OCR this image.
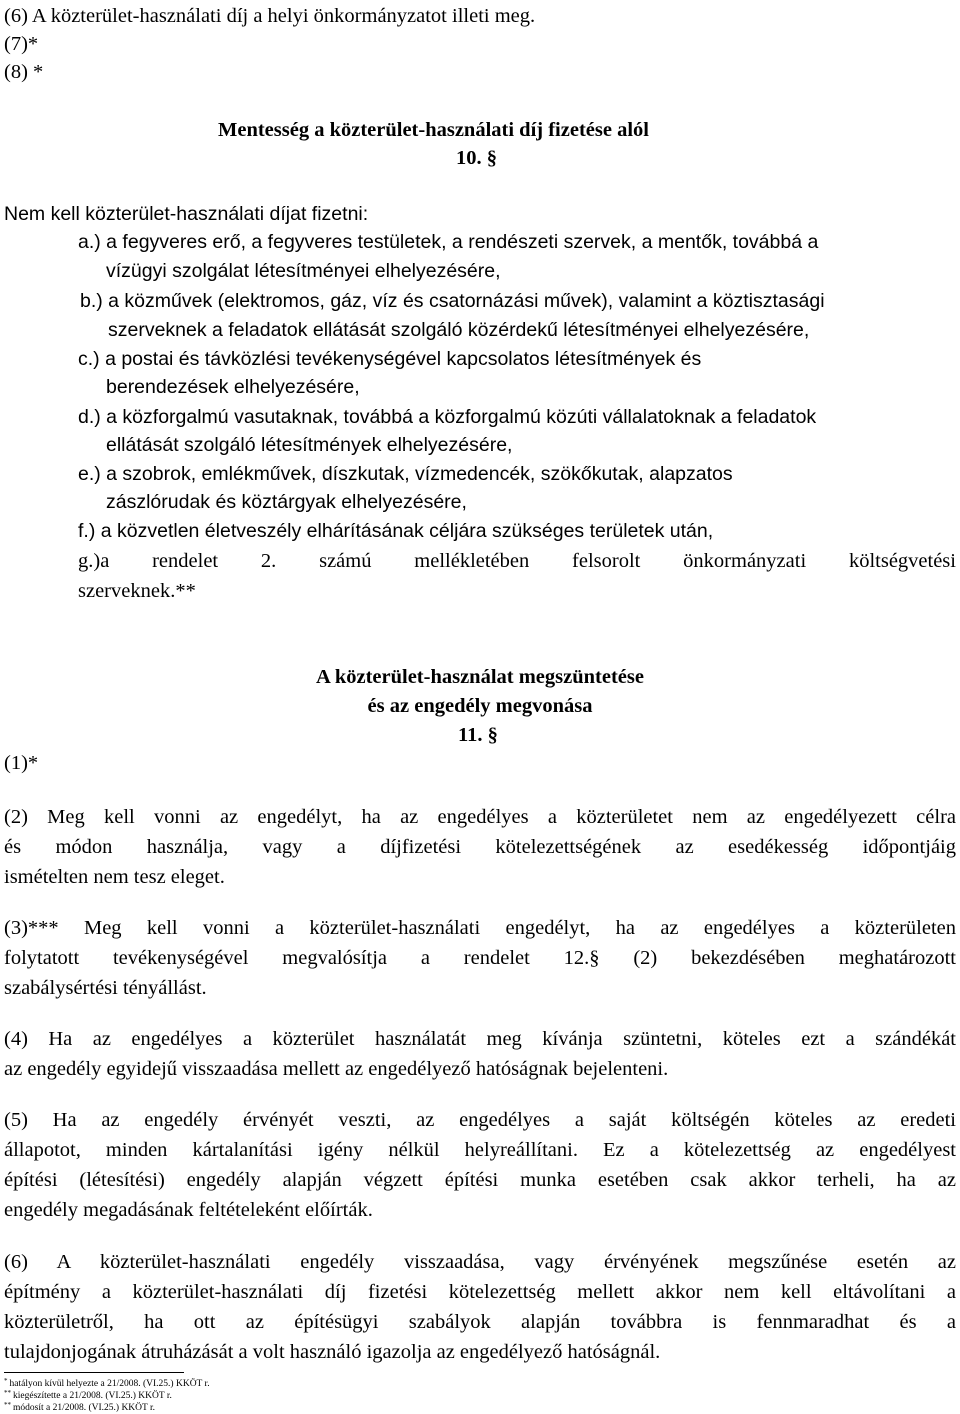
(6) A közterület-használati díj a helyi önkormányzatot illeti meg.
(7)*
(8) *
Mentesség a közterület-használati díj fizetése alól
10. §
Nem kell közterület-használati díjat fizetni:
a.) a fegyveres erő, a fegyveres testületek, a rendészeti szervek, a mentők, továbbá a
vízügyi szolgálat létesítményei elhelyezésére,
b.) a közművek (elektromos, gáz, víz és csatornázási művek), valamint a köztisztasági
szerveknek a feladatok ellátását szolgáló közérdekű létesítményei elhelyezésére,
c.) a postai és távközlési tevékenységével kapcsolatos létesítmények és
berendezések elhelyezésére,
d.) a közforgalmú vasutaknak, továbbá a közforgalmú közúti vállalatoknak a feladatok
ellátását szolgáló létesítmények elhelyezésére,
e.) a szobrok, emlékművek, díszkutak, vízmedencék, szökőkutak, alapzatos
zászlórudak és köztárgyak elhelyezésére,
f.) a közvetlen életveszély elhárításának céljára szükséges területek után,
g.)a rendelet 2. számú mellékletében felsorolt önkormányzati költségvetési
szerveknek.**
A közterület-használat megszüntetése
és az engedély megvonása
11. §
(1)*
(2) Meg kell vonni az engedélyt, ha az engedélyes a közterületet nem az engedélyezett célra
és módon használja, vagy a díjfizetési kötelezettségének az esedékesség időpontjáig
ismételten nem tesz eleget.
(3)*** Meg kell vonni a közterület-használati engedélyt, ha az engedélyes a közterületen
folytatott tevékenységével megvalósítja a rendelet 12.§ (2) bekezdésében meghatározott
szabálysértési tényállást.
(4) Ha az engedélyes a közterület használatát meg kívánja szüntetni, köteles ezt a szándékát
az engedély egyidejű visszaadása mellett az engedélyező hatóságnak bejelenteni.
(5) Ha az engedély érvényét veszti, az engedélyes a saját költségén köteles az eredeti
állapotot, minden kártalanítási igény nélkül helyreállítani. Ez a kötelezettség az engedélyest
építési (létesítési) engedély alapján végzett építési munka esetében csak akkor terheli, ha az
engedély megadásának feltételeként előírták.
(6) A közterület-használati engedély visszaadása, vagy érvényének megszűnése esetén az
építmény a közterület-használati díj fizetési kötelezettség mellett akkor nem kell eltávolítani a
közterületről, ha ott az építésügyi szabályok alapján továbbra is fennmaradhat és a
tulajdonjogának átruházását a volt használó igazolja az engedélyező hatóságnál.
* hatályon kívül helyezte a 21/2008. (VI.25.) KKÖT r.
** kiegészítette a 21/2008. (VI.25.) KKÖT r.
** módosít a 21/2008. (VI.25.) KKÖT r.
